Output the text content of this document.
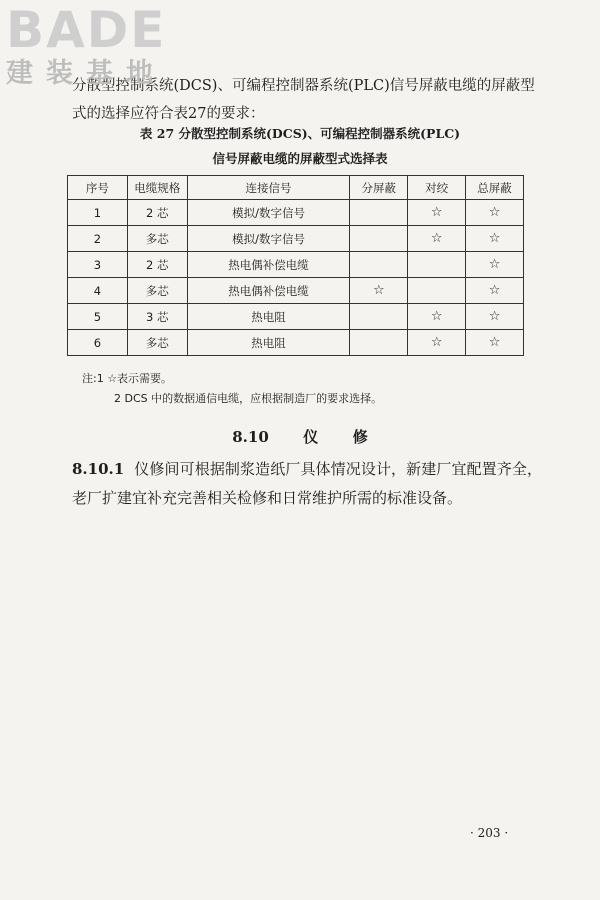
BADE
建装基地
分散型控制系统(DCS)、可编程控制器系统(PLC)信号屏蔽电缆的屏蔽型式的选择应符合表27的要求：
表 27 分散型控制系统(DCS)、可编程控制器系统(PLC)
信号屏蔽电缆的屏蔽型式选择表
序号	电缆规格	连接信号	分屏蔽	对绞	总屏蔽
1	2 芯	模拟/数字信号		☆	☆
2	多芯	模拟/数字信号		☆	☆
3	2 芯	热电偶补偿电缆			☆
4	多芯	热电偶补偿电缆	☆		☆
5	3 芯	热电阻		☆	☆
6	多芯	热电阻		☆	☆
注:1 ☆表示需要。
2 DCS 中的数据通信电缆，应根据制造厂的要求选择。
8.10 仪 修
8.10.1 仪修间可根据制浆造纸厂具体情况设计，新建厂宜配置齐全，老厂扩建宜补充完善相关检修和日常维护所需的标准设备。
· 203 ·
